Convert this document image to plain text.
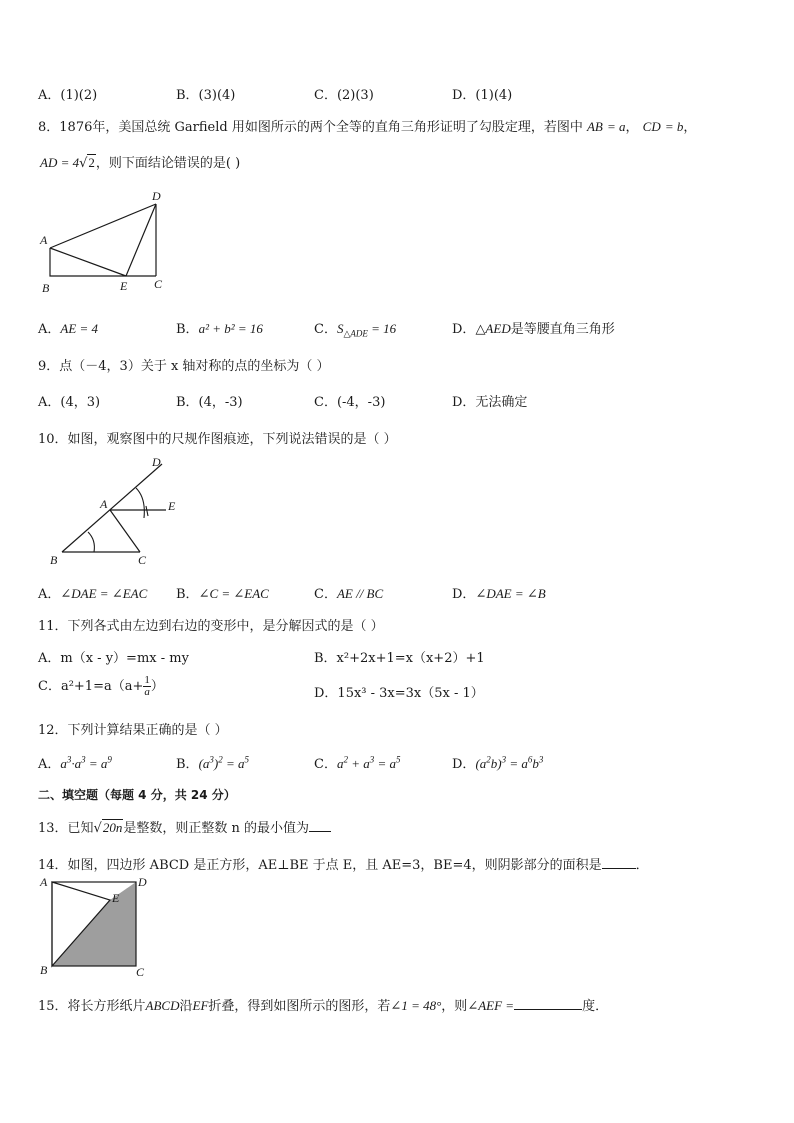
A．(1)(2)	B．(3)(4)	C．(2)(3)	D．(1)(4)
8．1876年，美国总统 Garfield 用如图所示的两个全等的直角三角形证明了勾股定理，若图中 AB = a， CD = b，
AD = 4√2，则下面结论错误的是( )
A
B	E C
D
A．AE = 4	B．a² + b² = 16	C．$S_{\triangle ADE} = 16$	D．△AED是等腰直角三角形
9．点（－4，3）关于 x 轴对称的点的坐标为（ ）
A．(4，3)	B．(4，-3)	C．(-4，-3)	D．无法确定
10．如图，观察图中的尺规作图痕迹，下列说法错误的是（ ）
D
A	E
B	C
A．∠DAE = ∠EAC B．∠C = ∠EAC	C．AE // BC	D．∠DAE = ∠B
11．下列各式由左边到右边的变形中，是分解因式的是（ ）
A．m（x - y）=mx - my	B．x²+2x+1=x（x+2）+1
C．$a^2+1=a(a+ \frac{1}{a}$ ）	D．15x³ - 3x=3x（5x - 1）
12．下列计算结果正确的是（ ）
A．$a^3\cdot a^3 = a^9$	B．$(a^3)^2 = a^5$	C．$a^2 + a^3 = a^5$	D．$(a^2b)^3 = a^6b^3$
二、填空题（每题 4 分，共 24 分）
13．已知√20n是整数，则正整数 n 的最小值为
14．如图，四边形 ABCD 是正方形，AE⊥BE 于点 E，且 AE=3，BE=4，则阴影部分的面积是	．
A	D
E
B	C
15．将长方形纸片ABCD沿EF折叠，得到如图所示的图形，若∠1 = 48°，则∠AEF =	度．
